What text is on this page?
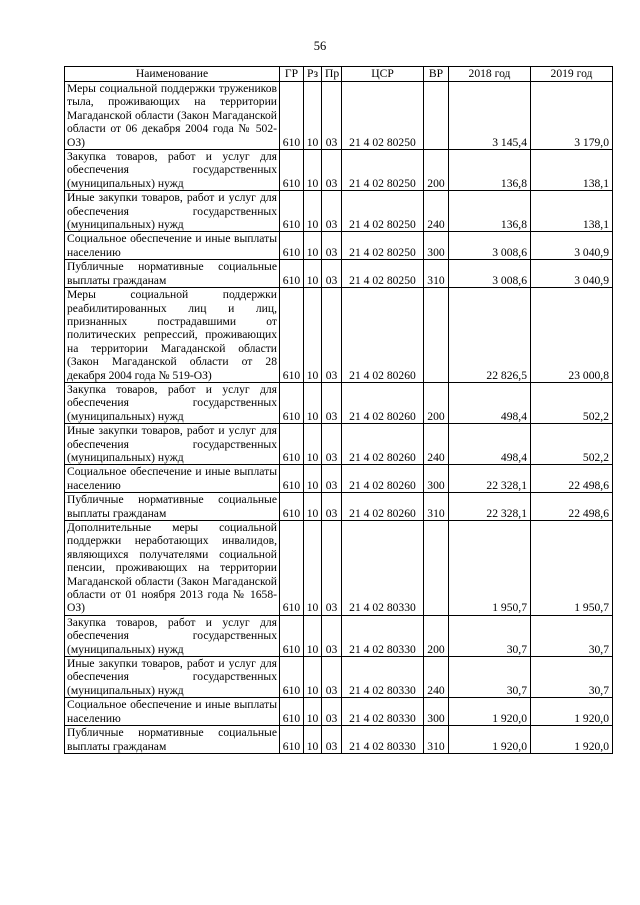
56
Наименование	ГР	Рз	Пр	ЦСР	ВР	2018 год	2019 год
Меры социальной поддержки тружеников тыла, проживающих на территории Магаданской области (Закон Магаданской области от 06 декабря 2004 года № 502-ОЗ)	610	10	03	21 4 02 80250		3 145,4	3 179,0
Закупка товаров, работ и услуг для обеспечения государственных (муниципальных) нужд	610	10	03	21 4 02 80250	200	136,8	138,1
Иные закупки товаров, работ и услуг для обеспечения государственных (муниципальных) нужд	610	10	03	21 4 02 80250	240	136,8	138,1
Социальное обеспечение и иные выплаты населению	610	10	03	21 4 02 80250	300	3 008,6	3 040,9
Публичные нормативные социальные выплаты гражданам	610	10	03	21 4 02 80250	310	3 008,6	3 040,9
Меры социальной поддержки реабилитированных лиц и лиц, признанных пострадавшими от политических репрессий, проживающих на территории Магаданской области (Закон Магаданской области от 28 декабря 2004 года № 519-ОЗ)	610	10	03	21 4 02 80260		22 826,5	23 000,8
Закупка товаров, работ и услуг для обеспечения государственных (муниципальных) нужд	610	10	03	21 4 02 80260	200	498,4	502,2
Иные закупки товаров, работ и услуг для обеспечения государственных (муниципальных) нужд	610	10	03	21 4 02 80260	240	498,4	502,2
Социальное обеспечение и иные выплаты населению	610	10	03	21 4 02 80260	300	22 328,1	22 498,6
Публичные нормативные социальные выплаты гражданам	610	10	03	21 4 02 80260	310	22 328,1	22 498,6
Дополнительные меры социальной поддержки неработающих инвалидов, являющихся получателями социальной пенсии, проживающих на территории Магаданской области (Закон Магаданской области от 01 ноября 2013 года № 1658-ОЗ)	610	10	03	21 4 02 80330		1 950,7	1 950,7
Закупка товаров, работ и услуг для обеспечения государственных (муниципальных) нужд	610	10	03	21 4 02 80330	200	30,7	30,7
Иные закупки товаров, работ и услуг для обеспечения государственных (муниципальных) нужд	610	10	03	21 4 02 80330	240	30,7	30,7
Социальное обеспечение и иные выплаты населению	610	10	03	21 4 02 80330	300	1 920,0	1 920,0
Публичные нормативные социальные выплаты гражданам	610	10	03	21 4 02 80330	310	1 920,0	1 920,0
